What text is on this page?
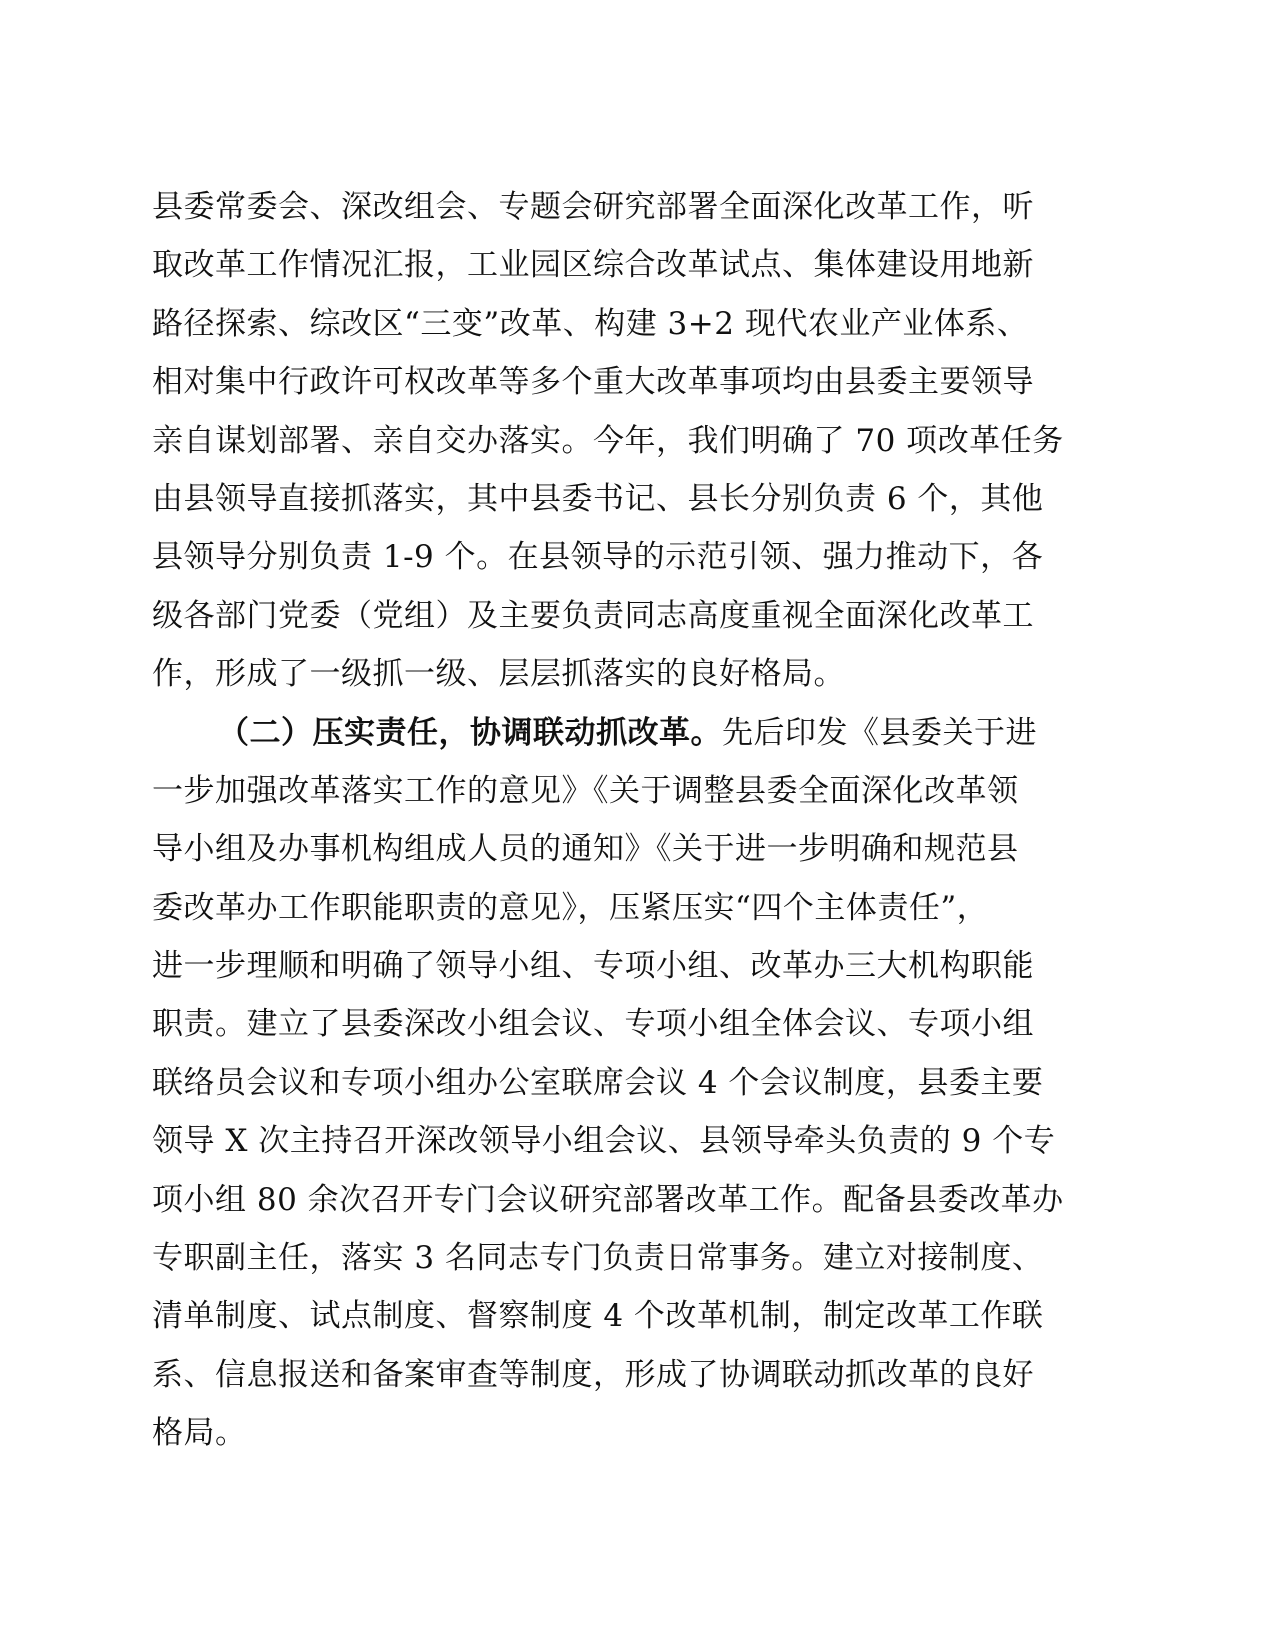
县委常委会、深改组会、专题会研究部署全面深化改革工作，听
取改革工作情况汇报，工业园区综合改革试点、集体建设用地新
路径探索、综改区“三变”改革、构建 3+2 现代农业产业体系、
相对集中行政许可权改革等多个重大改革事项均由县委主要领导
亲自谋划部署、亲自交办落实。今年，我们明确了 70 项改革任务
由县领导直接抓落实，其中县委书记、县长分别负责 6 个，其他
县领导分别负责 1-9 个。在县领导的示范引领、强力推动下，各
级各部门党委（党组）及主要负责同志高度重视全面深化改革工
作，形成了一级抓一级、层层抓落实的良好格局。
（二）压实责任，协调联动抓改革。先后印发《县委关于进
一步加强改革落实工作的意见》《关于调整县委全面深化改革领
导小组及办事机构组成人员的通知》《关于进一步明确和规范县
委改革办工作职能职责的意见》，压紧压实“四个主体责任”，
进一步理顺和明确了领导小组、专项小组、改革办三大机构职能
职责。建立了县委深改小组会议、专项小组全体会议、专项小组
联络员会议和专项小组办公室联席会议 4 个会议制度，县委主要
领导 X 次主持召开深改领导小组会议、县领导牵头负责的 9 个专
项小组 80 余次召开专门会议研究部署改革工作。配备县委改革办
专职副主任，落实 3 名同志专门负责日常事务。建立对接制度、
清单制度、试点制度、督察制度 4 个改革机制，制定改革工作联
系、信息报送和备案审查等制度，形成了协调联动抓改革的良好
格局。
